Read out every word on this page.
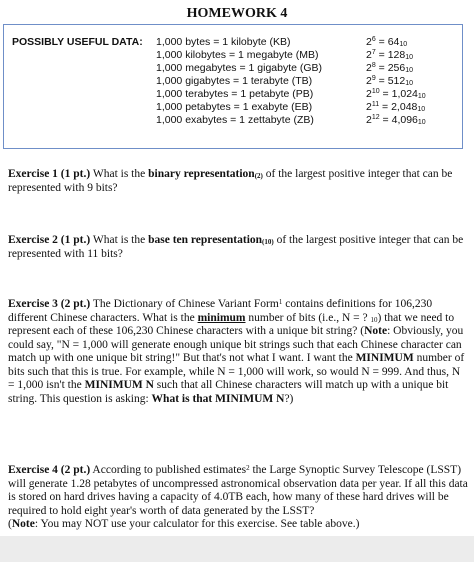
HOMEWORK 4
POSSIBLY USEFUL DATA: 1,000 bytes = 1 kilobyte (KB)
1,000 kilobytes = 1 megabyte (MB)
1,000 megabytes = 1 gigabyte (GB)
1,000 gigabytes = 1 terabyte (TB)
1,000 terabytes = 1 petabyte (PB)
1,000 petabytes = 1 exabyte (EB)
1,000 exabytes = 1 zettabyte (ZB)
$2^6 = 64_{10}$
$2^7 = 128_{10}$
$2^8 = 256_{10}$
$2^9 = 512_{10}$
$2^{10} = 1,024_{10}$
$2^{11} = 2,048_{10}$
$2^{12} = 4,096_{10}$

Exercise 1 (1 pt.) What is the binary representation$_{(2)}$ of the largest positive integer that can be represented with 9 bits?

Exercise 2 (1 pt.) What is the base ten representation$_{(10)}$ of the largest positive integer that can be represented with 11 bits?

Exercise 3 (2 pt.) The Dictionary of Chinese Variant Form$^1$ contains definitions for 106,230 different Chinese characters. What is the minimum number of bits (i.e., N = ? $_{10}$) that we need to represent each of these 106,230 Chinese characters with a unique bit string? (Note: Obviously, you could say, "N = 1,000 will generate enough unique bit strings such that each Chinese character can match up with one unique bit string!" But that's not what I want. I want the MINIMUM number of bits such that this is true. For example, while N = 1,000 will work, so would N = 999. And thus, N = 1,000 isn't the MINIMUM N such that all Chinese characters will match up with a unique bit string. This question is asking: What is that MINIMUM N?)

Exercise 4 (2 pt.) According to published estimates$^2$ the Large Synoptic Survey Telescope (LSST) will generate 1.28 petabytes of uncompressed astronomical observation data per year. If all this data is stored on hard drives having a capacity of 4.0TB each, how many of these hard drives will be required to hold eight year's worth of data generated by the LSST?

(Note: You may NOT use your calculator for this exercise. See table above.)
